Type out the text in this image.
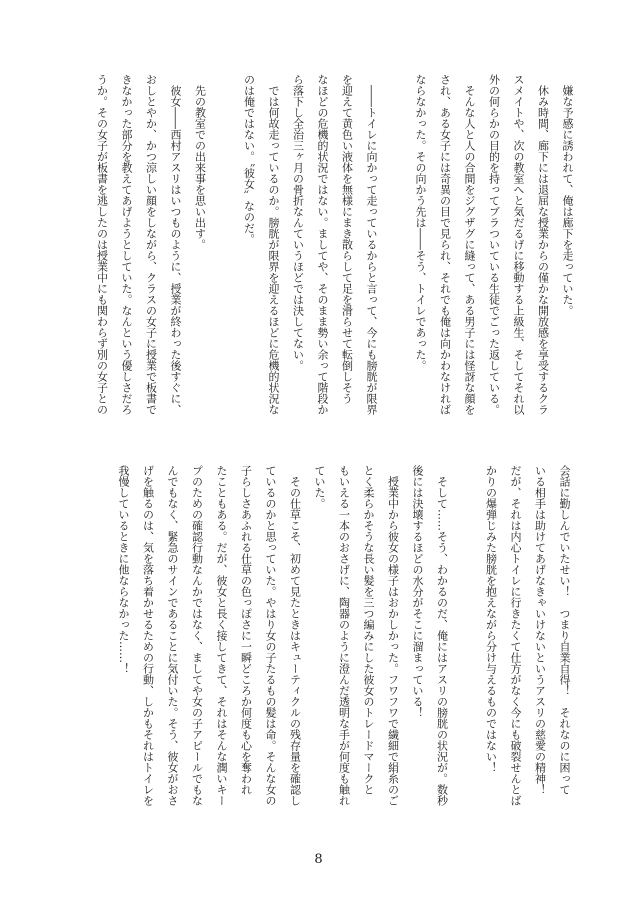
　嫌な予感に誘われて、俺は廊下を走っていた。
　休み時間、廊下には退屈な授業からの僅かな開放感を享受するクラ
スメイトや、次の教室へと気だるげに移動する上級生、そしてそれ以
外の何らかの目的を持ってブラついている生徒でごった返している。
　そんな人と人の合間をジグザグに縫って、ある男子には怪訝な顔を
され、ある女子には奇異の目で見られ、それでも俺は向かわなければ
ならなかった。その向かう先は――そう、トイレであった。
　――トイレに向かって走っているからと言って、今にも膀胱が限界
を迎えて黄色い液体を無様にまき散らして足を滑らせて転倒しそう
なほどの危機的状況ではない。ましてや、そのまま勢い余って階段か
ら落下し全治三ヶ月の骨折なんていうほどでは決してない。
　では何故走っているのか。膀胱が限界を迎えるほどに危機的状況な
のは俺ではない。〝彼女〟なのだ。
　先の教室での出来事を思い出す。
　彼女――西村アスリはいつものように、授業が終わった後すぐに、
おしとやか、かつ涼しい顔をしながら、クラスの女子に授業で板書で
きなかった部分を教えてあげようとしていた。なんという優しさだろ
うか。その女子が板書を逃したのは授業中にも関わらず別の女子との
会話に勤しんでいたせい！　つまり自業自得！　それなのに困って
いる相手は助けてあげなきゃいけないというアスリの慈愛の精神！
だが、それは内心トイレに行きたくて仕方がなく今にも破裂せんとば
かりの爆弾じみた膀胱を抱えながら分け与えるものではない！
　そして……そう、わかるのだ、俺にはアスリの膀胱の状況が。数秒
後には決壊するほどの水分がそこに溜まっている！
　授業中から彼女の様子はおかしかった。フワフワで繊細で絹糸のご
とく柔らかそうな長い髪を三つ編みにした彼女のトレードマークと
もいえる一本のおさげに、陶器のように澄んだ透明な手が何度も触れ
ていた。
　その仕草こそ、初めて見たときはキューティクルの残存量を確認し
ているのかと思っていた。やはり女の子たるもの髪は命。そんな女の
子らしさあふれる仕草の色っぽさに一瞬どころか何度も心を奪われ
たこともある。だが、彼女と長く接してきて、それはそんな潤いキー
プのための確認行動なんかではなく、ましてや女の子アピールでもな
んでもなく、緊急のサインであることに気付いた。そう、彼女がおさ
げを触るのは、気を落ち着かせるための行動、しかもそれはトイレを
我慢しているときに他ならなかった……！
8
